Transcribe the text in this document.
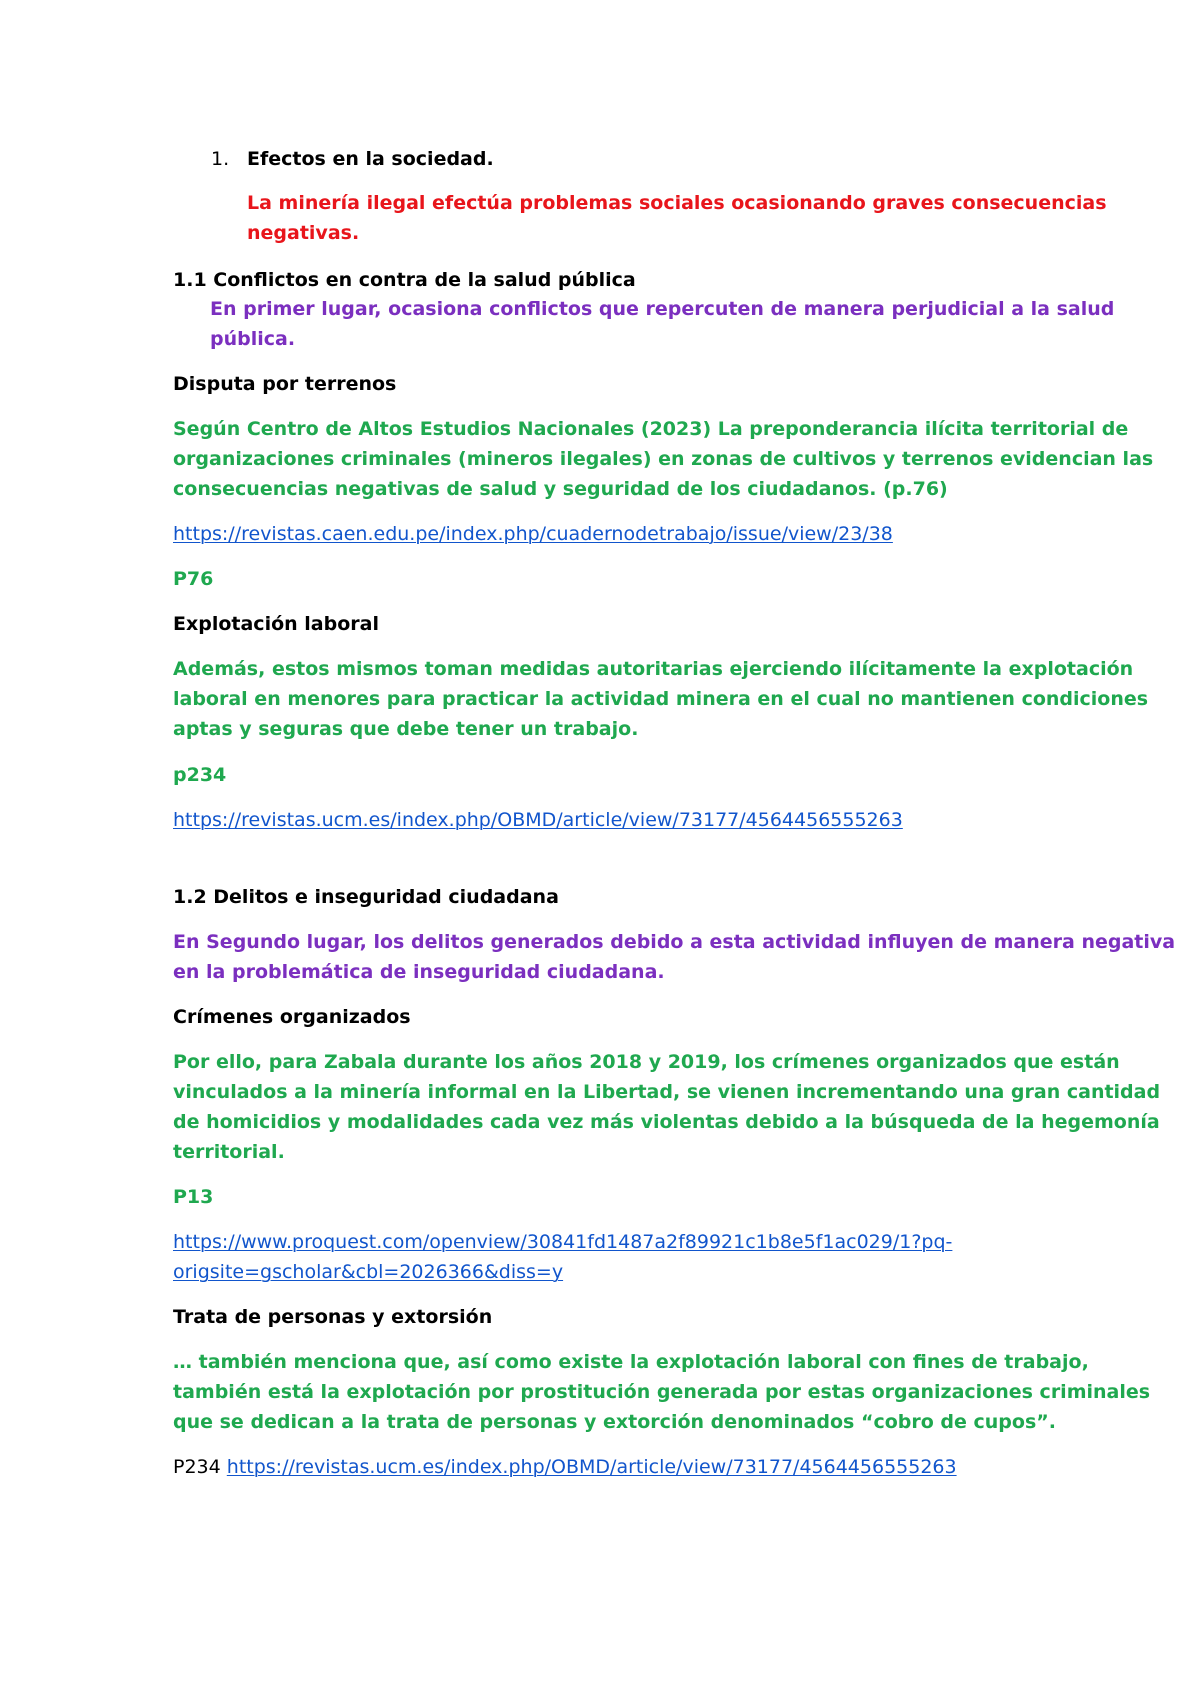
1. Efectos en la sociedad.
La minería ilegal efectúa problemas sociales ocasionando graves consecuencias
negativas.
1.1 Conflictos en contra de la salud pública
En primer lugar, ocasiona conflictos que repercuten de manera perjudicial a la salud
pública.
Disputa por terrenos
Según Centro de Altos Estudios Nacionales (2023) La preponderancia ilícita territorial de
organizaciones criminales (mineros ilegales) en zonas de cultivos y terrenos evidencian las
consecuencias negativas de salud y seguridad de los ciudadanos. (p.76)
https://revistas.caen.edu.pe/index.php/cuadernodetrabajo/issue/view/23/38
P76
Explotación laboral
Además, estos mismos toman medidas autoritarias ejerciendo ilícitamente la explotación
laboral en menores para practicar la actividad minera en el cual no mantienen condiciones
aptas y seguras que debe tener un trabajo.
p234
https://revistas.ucm.es/index.php/OBMD/article/view/73177/4564456555263
1.2 Delitos e inseguridad ciudadana
En Segundo lugar, los delitos generados debido a esta actividad influyen de manera negativa
en la problemática de inseguridad ciudadana.
Crímenes organizados
Por ello, para Zabala durante los años 2018 y 2019, los crímenes organizados que están
vinculados a la minería informal en la Libertad, se vienen incrementando una gran cantidad
de homicidios y modalidades cada vez más violentas debido a la búsqueda de la hegemonía
territorial.
P13
https://www.proquest.com/openview/30841fd1487a2f89921c1b8e5f1ac029/1?pq-
origsite=gscholar&cbl=2026366&diss=y
Trata de personas y extorsión
… también menciona que, así como existe la explotación laboral con fines de trabajo,
también está la explotación por prostitución generada por estas organizaciones criminales
que se dedican a la trata de personas y extorción denominados “cobro de cupos”.
P234 https://revistas.ucm.es/index.php/OBMD/article/view/73177/4564456555263
